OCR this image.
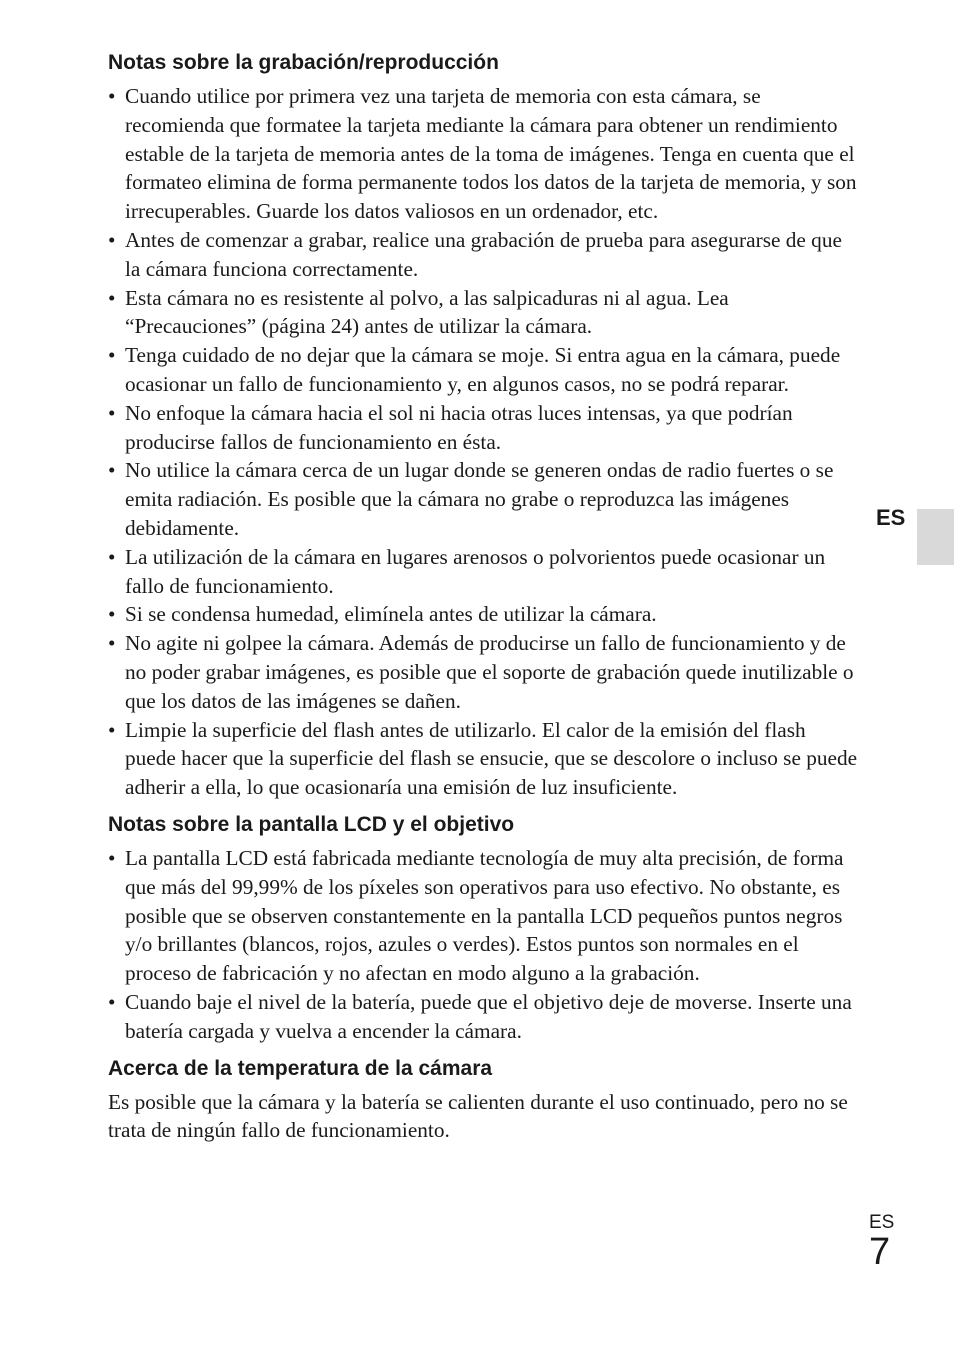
Notas sobre la grabación/reproducción
• Cuando utilice por primera vez una tarjeta de memoria con esta cámara, se recomienda que formatee la tarjeta mediante la cámara para obtener un rendimiento estable de la tarjeta de memoria antes de la toma de imágenes. Tenga en cuenta que el formateo elimina de forma permanente todos los datos de la tarjeta de memoria, y son irrecuperables. Guarde los datos valiosos en un ordenador, etc.
• Antes de comenzar a grabar, realice una grabación de prueba para asegurarse de que la cámara funciona correctamente.
• Esta cámara no es resistente al polvo, a las salpicaduras ni al agua. Lea “Precauciones” (página 24) antes de utilizar la cámara.
• Tenga cuidado de no dejar que la cámara se moje. Si entra agua en la cámara, puede ocasionar un fallo de funcionamiento y, en algunos casos, no se podrá reparar.
• No enfoque la cámara hacia el sol ni hacia otras luces intensas, ya que podrían producirse fallos de funcionamiento en ésta.
• No utilice la cámara cerca de un lugar donde se generen ondas de radio fuertes o se emita radiación. Es posible que la cámara no grabe o reproduzca las imágenes debidamente.
• La utilización de la cámara en lugares arenosos o polvorientos puede ocasionar un fallo de funcionamiento.
• Si se condensa humedad, elimínela antes de utilizar la cámara.
• No agite ni golpee la cámara. Además de producirse un fallo de funcionamiento y de no poder grabar imágenes, es posible que el soporte de grabación quede inutilizable o que los datos de las imágenes se dañen.
• Limpie la superficie del flash antes de utilizarlo. El calor de la emisión del flash puede hacer que la superficie del flash se ensucie, que se descolore o incluso se puede adherir a ella, lo que ocasionaría una emisión de luz insuficiente.
Notas sobre la pantalla LCD y el objetivo
• La pantalla LCD está fabricada mediante tecnología de muy alta precisión, de forma que más del 99,99% de los píxeles son operativos para uso efectivo. No obstante, es posible que se observen constantemente en la pantalla LCD pequeños puntos negros y/o brillantes (blancos, rojos, azules o verdes). Estos puntos son normales en el proceso de fabricación y no afectan en modo alguno a la grabación.
• Cuando baje el nivel de la batería, puede que el objetivo deje de moverse. Inserte una batería cargada y vuelva a encender la cámara.
Acerca de la temperatura de la cámara

Es posible que la cámara y la batería se calienten durante el uso continuado, pero no se trata de ningún fallo de funcionamiento.

ES
ES
7
